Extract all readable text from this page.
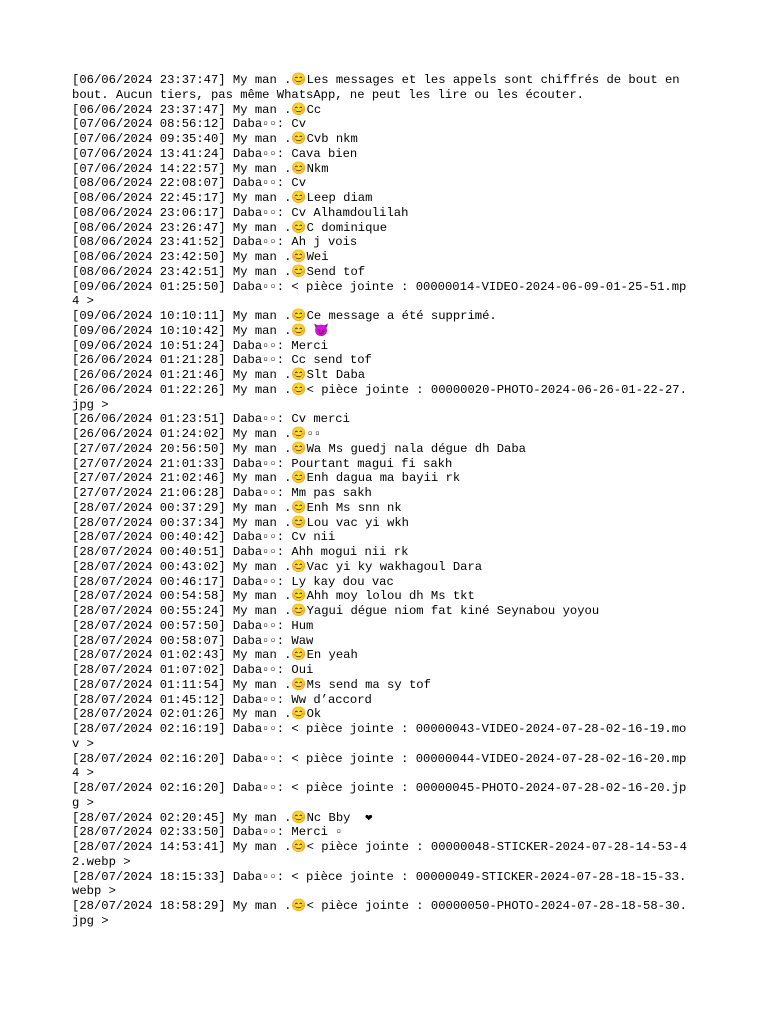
[06/06/2024 23:37:47] My man .😊Les messages et les appels sont chiffrés de bout en bout. Aucun tiers, pas même WhatsApp, ne peut les lire ou les écouter.

[06/06/2024 23:37:47] My man .😊Cc

[07/06/2024 08:56:12] Daba▫▫: Cv

[07/06/2024 09:35:40] My man .😊Cvb nkm

[07/06/2024 13:41:24] Daba▫▫: Cava bien

[07/06/2024 14:22:57] My man .😊Nkm

[08/06/2024 22:08:07] Daba▫▫: Cv

[08/06/2024 22:45:17] My man .😊Leep diam

[08/06/2024 23:06:17] Daba▫▫: Cv Alhamdoulilah

[08/06/2024 23:26:47] My man .😊C dominique

[08/06/2024 23:41:52] Daba▫▫: Ah j vois

[08/06/2024 23:42:50] My man .😊Wei

[08/06/2024 23:42:51] My man .😊Send tof

[09/06/2024 01:25:50] Daba▫▫: < pièce jointe : 00000014-VIDEO-2024-06-09-01-25-51.mp4 >

[09/06/2024 10:10:11] My man .😊Ce message a été supprimé.

[09/06/2024 10:10:42] My man .😊 😈

[09/06/2024 10:51:24] Daba▫▫: Merci

[26/06/2024 01:21:28] Daba▫▫: Cc send tof

[26/06/2024 01:21:46] My man .😊Slt Daba

[26/06/2024 01:22:26] My man .😊< pièce jointe : 00000020-PHOTO-2024-06-26-01-22-27.jpg >

[26/06/2024 01:23:51] Daba▫▫: Cv merci

[26/06/2024 01:24:02] My man .😊▫▫

[27/07/2024 20:56:50] My man .😊Wa Ms guedj nala dégue dh Daba

[27/07/2024 21:01:33] Daba▫▫: Pourtant magui fi sakh

[27/07/2024 21:02:46] My man .😊Enh dagua ma bayii rk

[27/07/2024 21:06:28] Daba▫▫: Mm pas sakh

[28/07/2024 00:37:29] My man .😊Enh Ms snn nk

[28/07/2024 00:37:34] My man .😊Lou vac yi wkh

[28/07/2024 00:40:42] Daba▫▫: Cv nii

[28/07/2024 00:40:51] Daba▫▫: Ahh mogui nii rk

[28/07/2024 00:43:02] My man .😊Vac yi ky wakhagoul Dara

[28/07/2024 00:46:17] Daba▫▫: Ly kay dou vac

[28/07/2024 00:54:58] My man .😊Ahh moy lolou dh Ms tkt

[28/07/2024 00:55:24] My man .😊Yagui dégue niom fat kiné Seynabou yoyou

[28/07/2024 00:57:50] Daba▫▫: Hum

[28/07/2024 00:58:07] Daba▫▫: Waw

[28/07/2024 01:02:43] My man .😊En yeah

[28/07/2024 01:07:02] Daba▫▫: Oui

[28/07/2024 01:11:54] My man .😊Ms send ma sy tof

[28/07/2024 01:45:12] Daba▫▫: Ww d’accord

[28/07/2024 02:01:26] My man .😊Ok

[28/07/2024 02:16:19] Daba▫▫: < pièce jointe : 00000043-VIDEO-2024-07-28-02-16-19.mov >

[28/07/2024 02:16:20] Daba▫▫: < pièce jointe : 00000044-VIDEO-2024-07-28-02-16-20.mp4 >

[28/07/2024 02:16:20] Daba▫▫: < pièce jointe : 00000045-PHOTO-2024-07-28-02-16-20.jpg >

[28/07/2024 02:20:45] My man .😊Nc Bby  ❤

[28/07/2024 02:33:50] Daba▫▫: Merci ▫

[28/07/2024 14:53:41] My man .😊< pièce jointe : 00000048-STICKER-2024-07-28-14-53-42.webp >

[28/07/2024 18:15:33] Daba▫▫: < pièce jointe : 00000049-STICKER-2024-07-28-18-15-33.webp >

[28/07/2024 18:58:29] My man .😊< pièce jointe : 00000050-PHOTO-2024-07-28-18-58-30.jpg >
